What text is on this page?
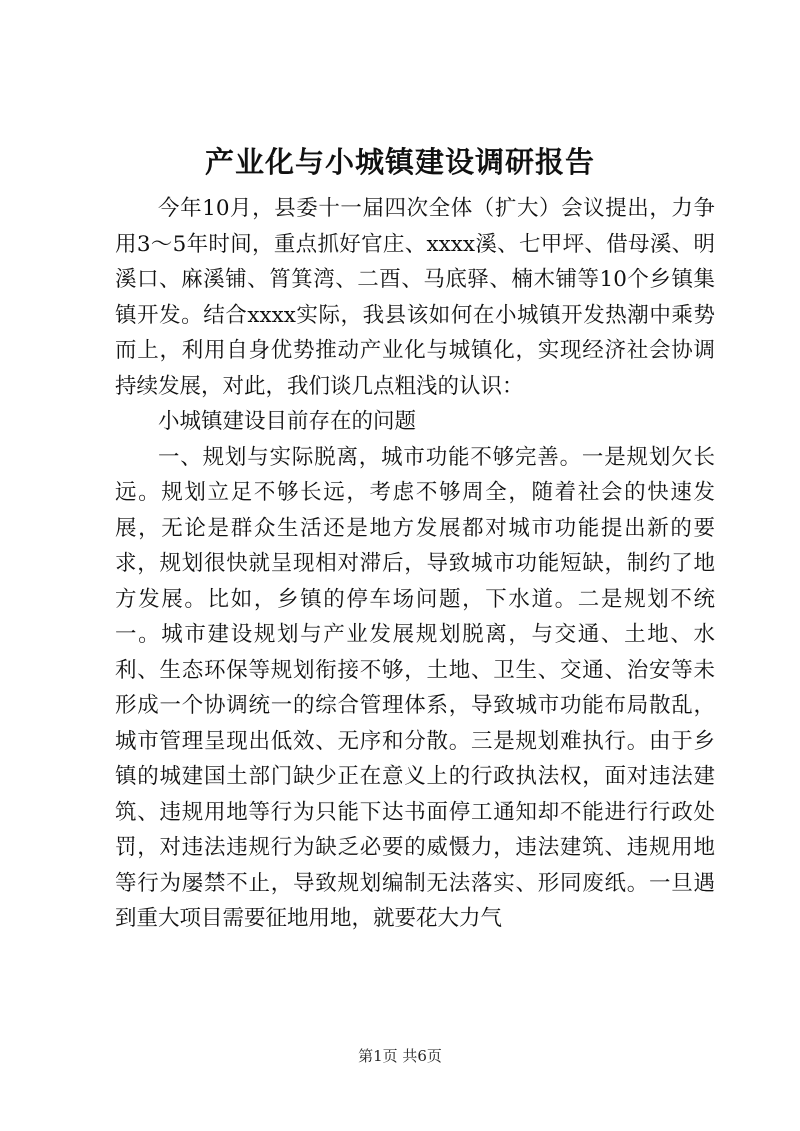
产业化与小城镇建设调研报告

今年10月，县委十一届四次全体（扩大）会议提出，力争用3～5年时间，重点抓好官庄、xxxx溪、七甲坪、借母溪、明溪口、麻溪铺、筲箕湾、二酉、马底驿、楠木铺等10个乡镇集镇开发。结合xxxx实际，我县该如何在小城镇开发热潮中乘势而上，利用自身优势推动产业化与城镇化，实现经济社会协调持续发展，对此，我们谈几点粗浅的认识：

小城镇建设目前存在的问题

一、规划与实际脱离，城市功能不够完善。一是规划欠长远。规划立足不够长远，考虑不够周全，随着社会的快速发展，无论是群众生活还是地方发展都对城市功能提出新的要求，规划很快就呈现相对滞后，导致城市功能短缺，制约了地方发展。比如，乡镇的停车场问题，下水道。二是规划不统一。城市建设规划与产业发展规划脱离，与交通、土地、水利、生态环保等规划衔接不够，土地、卫生、交通、治安等未形成一个协调统一的综合管理体系，导致城市功能布局散乱，城市管理呈现出低效、无序和分散。三是规划难执行。由于乡镇的城建国土部门缺少正在意义上的行政执法权，面对违法建筑、违规用地等行为只能下达书面停工通知却不能进行行政处罚，对违法违规行为缺乏必要的威慑力，违法建筑、违规用地等行为屡禁不止，导致规划编制无法落实、形同废纸。一旦遇到重大项目需要征地用地，就要花大力气

第1页 共6页
